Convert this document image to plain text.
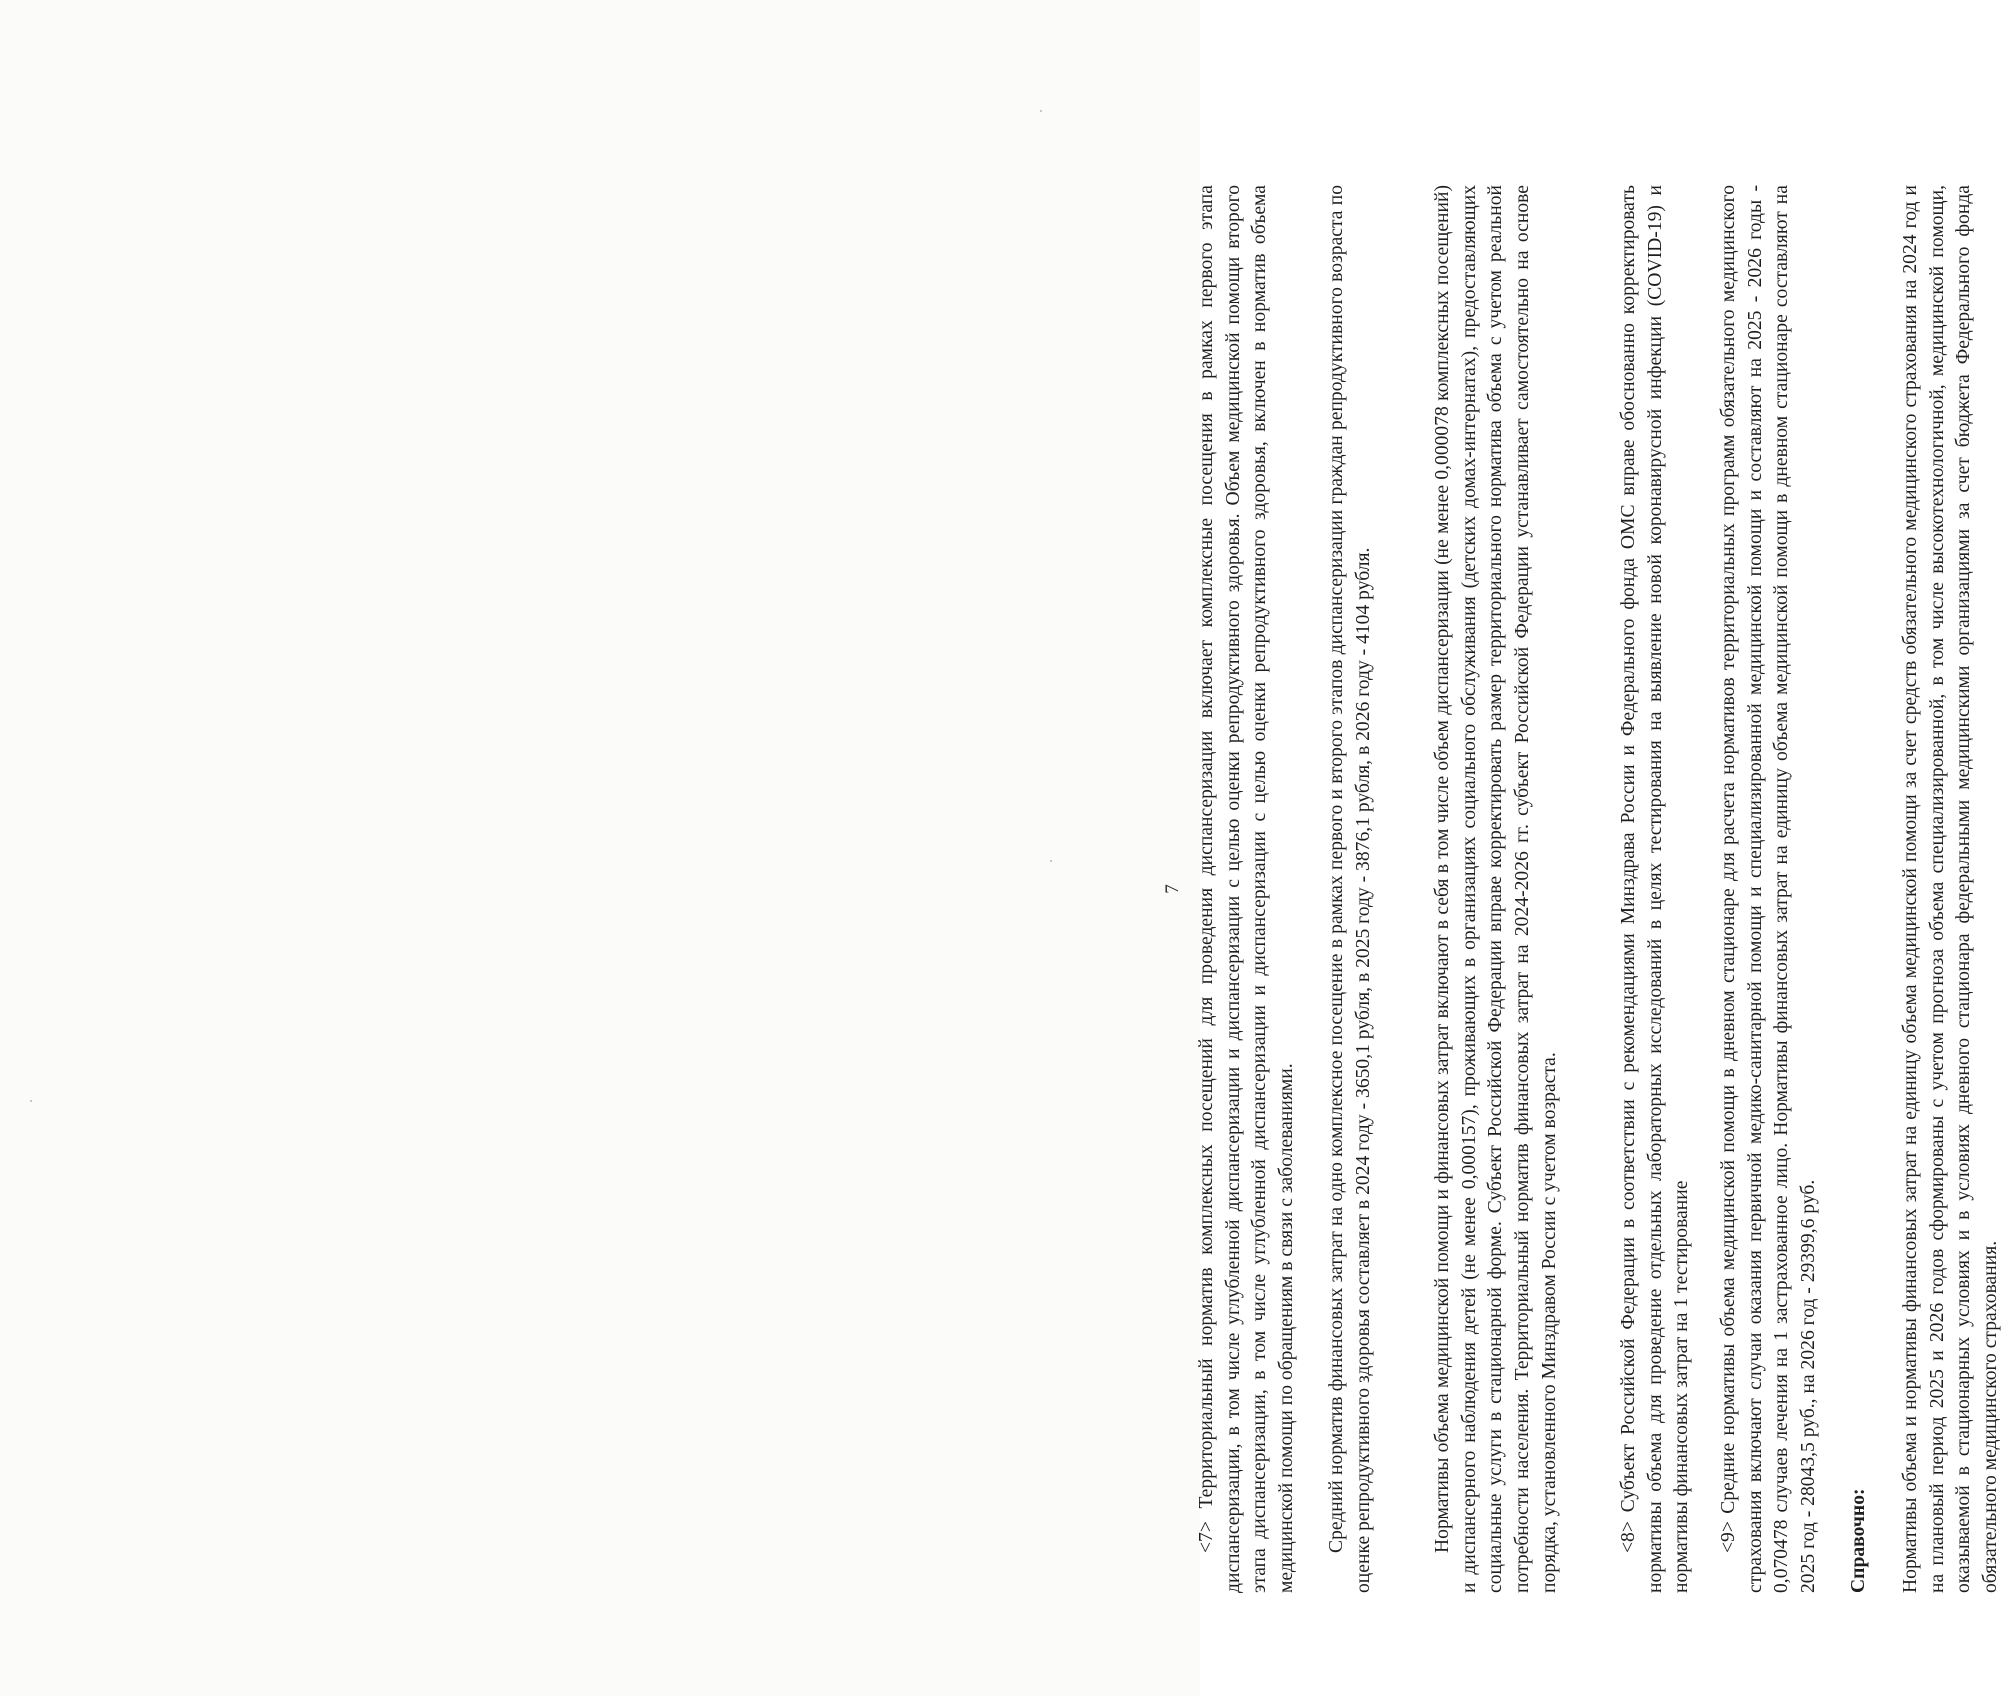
7 <7> Территориальный норматив комплексных посещений для проведения диспансеризации включает комплексные посещения в рамках первого этапа диспансеризации, в том числе углубленной диспансеризации и диспансеризации с целью оценки репродуктивного здоровья. Объем медицинской помощи второго этапа диспансеризации, в том числе углубленной диспансеризации и диспансеризации с целью оценки репродуктивного здоровья, включен в норматив объема медицинской помощи по обращениям в связи с заболеваниями. Средний норматив финансовых затрат на одно комплексное посещение в рамках первого и второго этапов диспансеризации граждан репродуктивного возраста по оценке репродуктивного здоровья составляет в 2024 году - 3650,1 рубля, в 2025 году - 3876,1 рубля, в 2026 году - 4104 рубля.	Нормативы объема медицинской помощи и финансовых затрат включают в себя в том числе объем диспансеризации (не менее 0,000078 комплексных посещений) и диспансерного наблюдения детей (не менее 0,000157), проживающих в организациях социального обслуживания (детских домах-интернатах), предоставляющих социальные услуги в стационарной форме. Субъект Российской Федерации вправе корректировать размер территориального норматива объема с учетом реальной потребности населения. Территориальный норматив финансовых затрат на 2024-2026 гг. субъект Российской Федерации устанавливает самостоятельно на основе порядка, установленного Минздравом России с учетом возраста.	<8> Субъект Российской Федерации в соответствии с рекомендациями Минздрава России и Федерального фонда ОМС вправе обоснованно корректировать нормативы объема для проведение отдельных лабораторных исследований в целях тестирования на выявление новой коронавирусной инфекции (COVID-19) и нормативы финансовых затрат на 1 тестирование <9> Средние нормативы объема медицинской помощи в дневном стационаре для расчета нормативов территориальных программ обязательного медицинского страхования включают случаи оказания первичной медико-санитарной помощи и специализированной медицинской помощи и составляют на 2025 - 2026 годы - 0,070478 случаев лечения на 1 застрахованное лицо. Нормативы финансовых затрат на единицу объема медицинской помощи в дневном стационаре составляют на 2025 год - 28043,5 руб., на 2026 год - 29399,6 руб. Справочно: Нормативы объема и нормативы финансовых затрат на единицу объема медицинской помощи за счет средств обязательного медицинского страхования на 2024 год и на плановый период 2025 и 2026 годов сформированы с учетом прогноза объема специализированной, в том числе высокотехнологичной, медицинской помощи, оказываемой в стационарных условиях и в условиях дневного стационара федеральными медицинскими организациями за счет бюджета Федерального фонда обязательного медицинского страхования.
